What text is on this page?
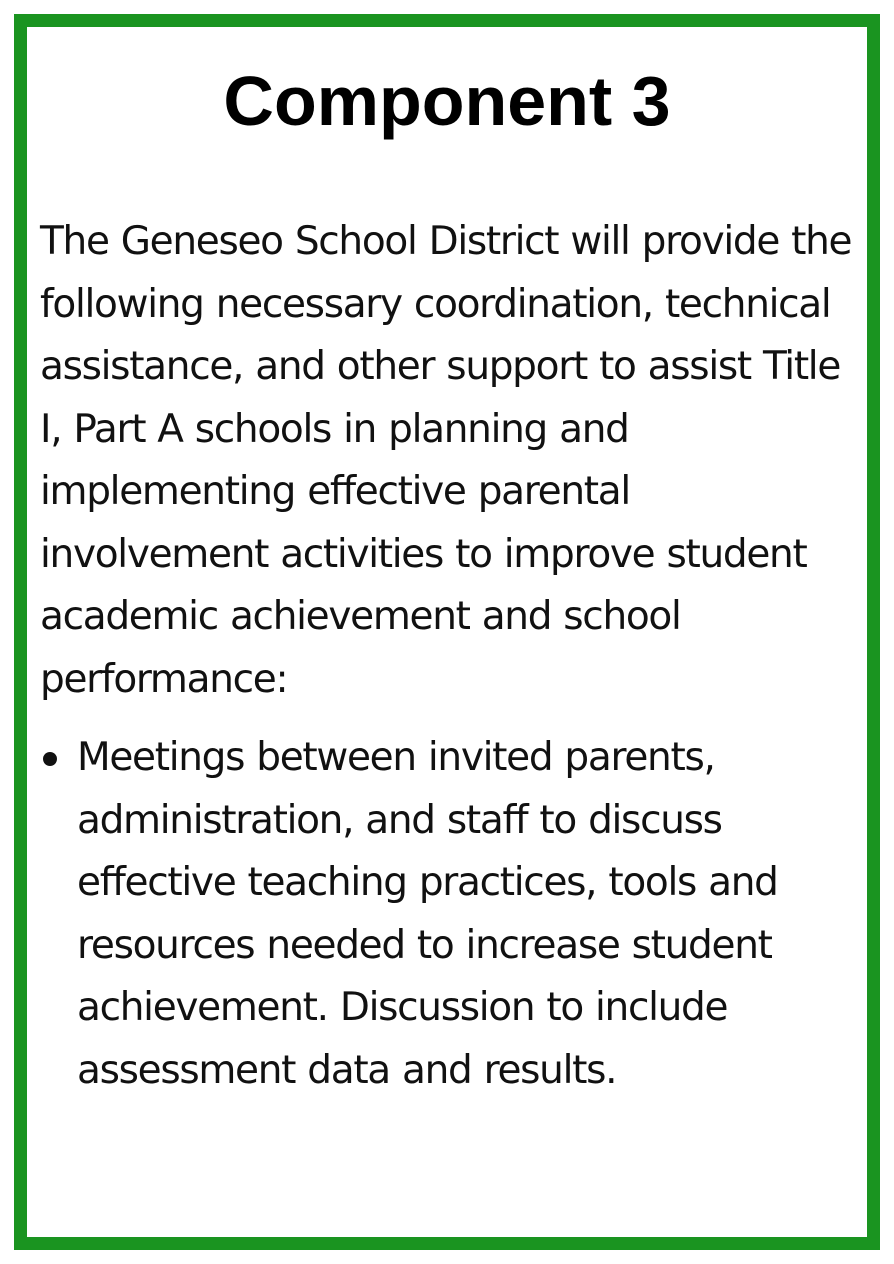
Component 3

The Geneseo School District will provide the following necessary coordination, technical assistance, and other support to assist Title I, Part A schools in planning and implementing effective parental involvement activities to improve student academic achievement and school performance:

Meetings between invited parents, administration, and staff to discuss effective teaching practices, tools and resources needed to increase student achievement. Discussion to include assessment data and results.
